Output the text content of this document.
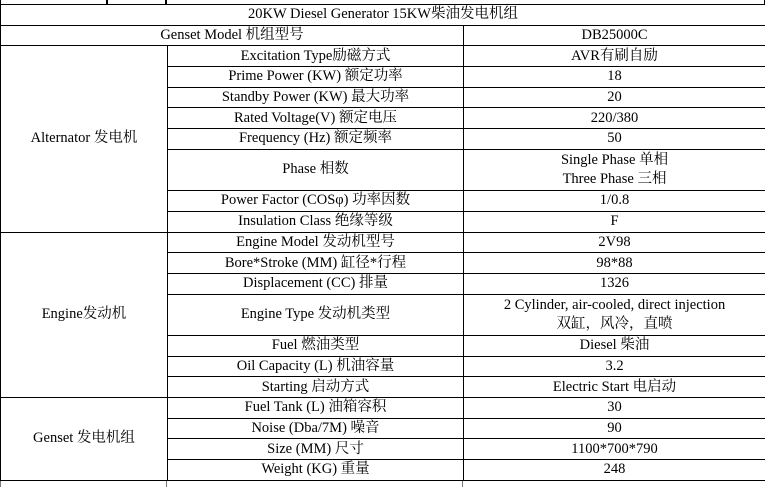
20KW Diesel Generator 15KW柴油发电机组		
Genset Model 机组型号		DB25000C
Alternator 发电机	Excitation Type励磁方式	AVR有刷自励
	Prime Power (KW) 额定功率	18
	Standby Power (KW) 最大功率	20
	Rated Voltage(V) 额定电压	220/380
	Frequency (Hz) 额定频率	50
	Phase 相数	Single Phase 单相
Three Phase 三相

	Power Factor (COSφ) 功率因数	1/0.8
	Insulation Class 绝缘等级	F
Engine发动机	Engine Model 发动机型号	2V98
	Bore*Stroke (MM) 缸径*行程	98*88
	Displacement (CC) 排量	1326
	Engine Type 发动机类型	2 Cylinder, air-cooled, direct injection
双缸，风冷，直喷

	Fuel 燃油类型	Diesel 柴油
	Oil Capacity (L) 机油容量	3.2
	Starting 启动方式	Electric Start 电启动
Genset 发电机组	Fuel Tank (L) 油箱容积	30
	Noise (Dba/7M) 噪音	90
	Size (MM) 尺寸	1100*700*790
	Weight (KG) 重量	248
